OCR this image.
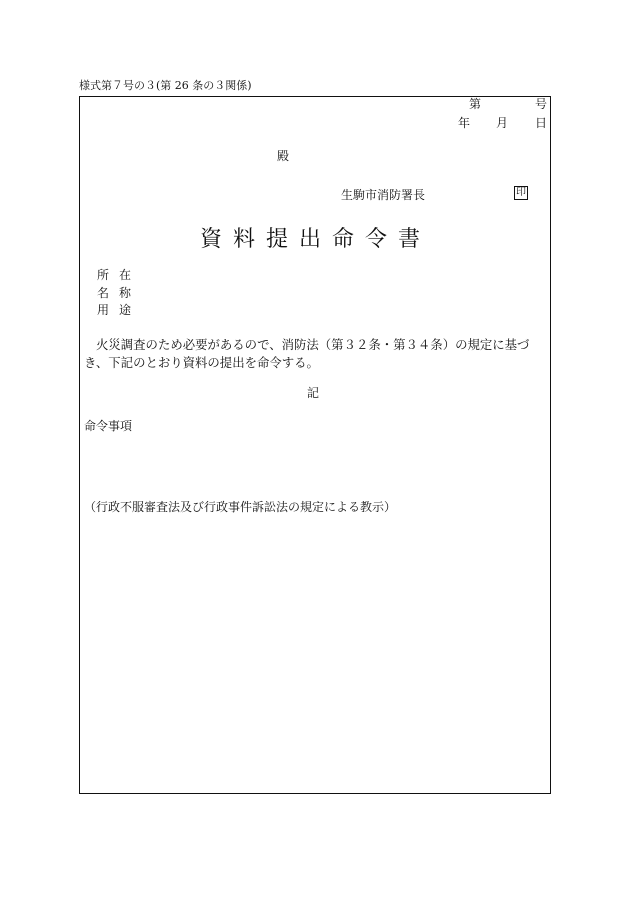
様式第７号の３(第 26 条の３関係)
第	号
年 月 日
殿
生駒市消防署長	印
資料提出命令書
所在
名称
用途
火災調査のため必要があるので、消防法（第３２条・第３４条）の規定に基づき、下記のとおり資料の提出を命令する。
記
命令事項
（行政不服審査法及び行政事件訴訟法の規定による教示）
